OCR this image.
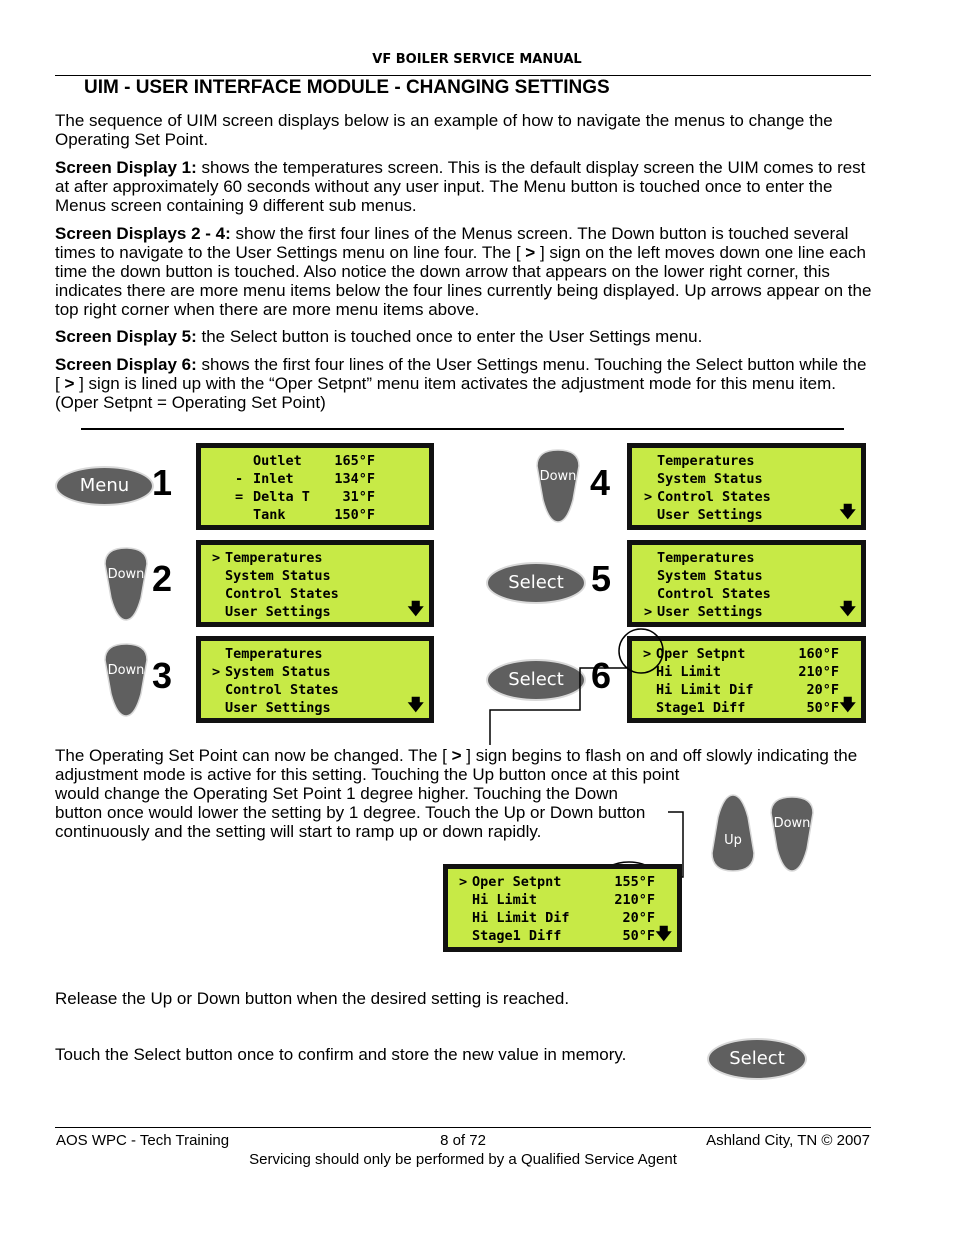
VF BOILER SERVICE MANUAL
UIM - USER INTERFACE MODULE - CHANGING SETTINGS
The sequence of UIM screen displays below is an example of how to navigate the menus to change the Operating Set Point.
Screen Display 1: shows the temperatures screen. This is the default display screen the UIM comes to rest at after approximately 60 seconds without any user input. The Menu button is touched once to enter the Menus screen containing 9 different sub menus.
Screen Displays 2 - 4: show the first four lines of the Menus screen. The Down button is touched several times to navigate to the User Settings menu on line four. The [ > ] sign on the left moves down one line each time the down button is touched. Also notice the down arrow that appears on the lower right corner, this indicates there are more menu items below the four lines currently being displayed. Up arrows appear on the top right corner when there are more menu items above.
Screen Display 5: the Select button is touched once to enter the User Settings menu.
Screen Display 6: shows the first four lines of the User Settings menu. Touching the Select button while the [ > ] sign is lined up with the “Oper Setpnt” menu item activates the adjustment mode for this menu item. (Oper Setpnt = Operating Set Point)
Menu 1
Outlet 165°F
- Inlet	134°F
= Delta T 31°F
Tank	150°F
Down 2	> Temperatures
System Status
Control States
User Settings	🡇
Down 3
Temperatures
> System Status
Control States
User Settings	🡇
Down 4
Temperatures
System Status
> Control States
User Settings	🡇
Select 5	Temperatures
System Status
Control States
> User Settings	🡇
Select 6
> Oper Setpnt	160°F
Hi Limit	210°F
Hi Limit Dif	20°F
Stage1 Diff	50°F 🡇
The Operating Set Point can now be changed. The [ > ] sign begins to flash on and off slowly indicating the adjustment mode is active for this setting. Touching the Up button once at this point
would change the Operating Set Point 1 degree higher. Touching the Down button once would lower the setting by 1 degree. Touch the Up or Down button continuously and the setting will start to ramp up or down rapidly.	Up
Down
> Oper Setpnt	155°F
Hi Limit	210°F
Hi Limit Dif	20°F
Stage1 Diff	50°F 🡇
Release the Up or Down button when the desired setting is reached.
Touch the Select button once to confirm and store the new value in memory.	Select
AOS WPC - Tech Training	8 of 72	Ashland City, TN © 2007
Servicing should only be performed by a Qualified Service Agent
